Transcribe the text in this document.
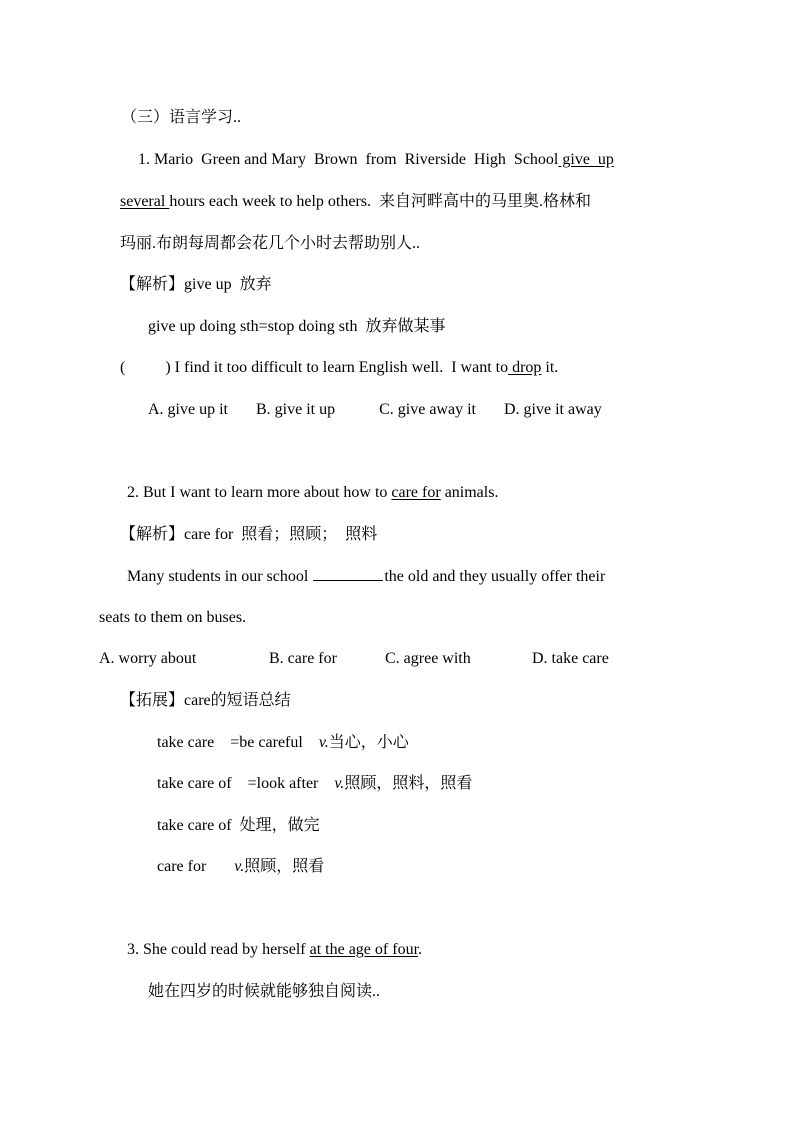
（三）语言学习..
1. Mario  Green and Mary  Brown  from  Riverside  High  School give  up
several hours each week to help others.  来自河畔高中的马里奥.格林和
玛丽.布朗每周都会花几个小时去帮助别人..
【解析】give up  放弃
give up doing sth=stop doing sth  放弃做某事
(	) I find it too difficult to learn English well.  I want to drop it.
A. give up it B. give it up	C. give away it D. give it away
2. But I want to learn more about how to care for animals.
【解析】care for  照看；照顾；  照料
Many students in our school	the old and they usually offer their
seats to them on buses.
A. worry about	B. care for	C. agree with	D. take care
【拓展】care的短语总结
take care    =be careful v.当心，小心
take care of    =look after v.照顾，照料，照看
take care of  处理，做完
care for       v.照顾，照看
3. She could read by herself at the age of four.
她在四岁的时候就能够独自阅读..
